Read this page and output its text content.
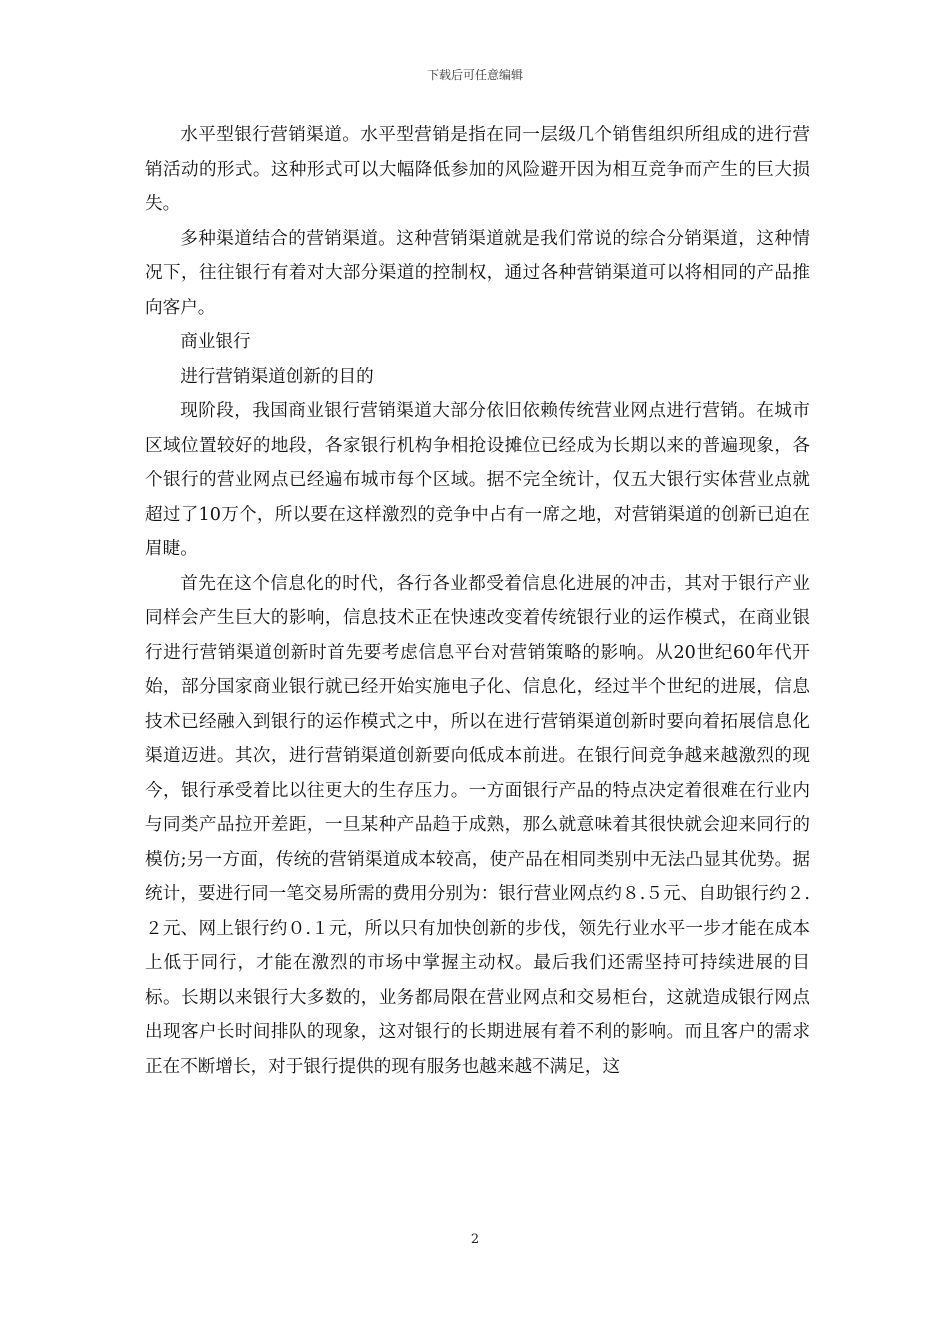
下载后可任意编辑

水平型银行营销渠道。水平型营销是指在同一层级几个销售组织所组成的进行营销活动的形式。这种形式可以大幅降低参加的风险避开因为相互竞争而产生的巨大损失。

多种渠道结合的营销渠道。这种营销渠道就是我们常说的综合分销渠道，这种情况下，往往银行有着对大部分渠道的控制权，通过各种营销渠道可以将相同的产品推向客户。

商业银行

进行营销渠道创新的目的

现阶段，我国商业银行营销渠道大部分依旧依赖传统营业网点进行营销。在城市区域位置较好的地段，各家银行机构争相抢设摊位已经成为长期以来的普遍现象，各个银行的营业网点已经遍布城市每个区域。据不完全统计，仅五大银行实体营业点就超过了10万个，所以要在这样激烈的竞争中占有一席之地，对营销渠道的创新已迫在眉睫。

首先在这个信息化的时代，各行各业都受着信息化进展的冲击，其对于银行产业同样会产生巨大的影响，信息技术正在快速改变着传统银行业的运作模式，在商业银行进行营销渠道创新时首先要考虑信息平台对营销策略的影响。从20世纪60年代开始，部分国家商业银行就已经开始实施电子化、信息化，经过半个世纪的进展，信息技术已经融入到银行的运作模式之中，所以在进行营销渠道创新时要向着拓展信息化渠道迈进。其次，进行营销渠道创新要向低成本前进。在银行间竞争越来越激烈的现今，银行承受着比以往更大的生存压力。一方面银行产品的特点决定着很难在行业内与同类产品拉开差距，一旦某种产品趋于成熟，那么就意味着其很快就会迎来同行的模仿;另一方面，传统的营销渠道成本较高，使产品在相同类别中无法凸显其优势。据统计，要进行同一笔交易所需的费用分别为：银行营业网点约８.５元、自助银行约２.２元、网上银行约０.１元，所以只有加快创新的步伐，领先行业水平一步才能在成本上低于同行，才能在激烈的市场中掌握主动权。最后我们还需坚持可持续进展的目标。长期以来银行大多数的，业务都局限在营业网点和交易柜台，这就造成银行网点出现客户长时间排队的现象，这对银行的长期进展有着不利的影响。而且客户的需求正在不断增长，对于银行提供的现有服务也越来越不满足，这

2
